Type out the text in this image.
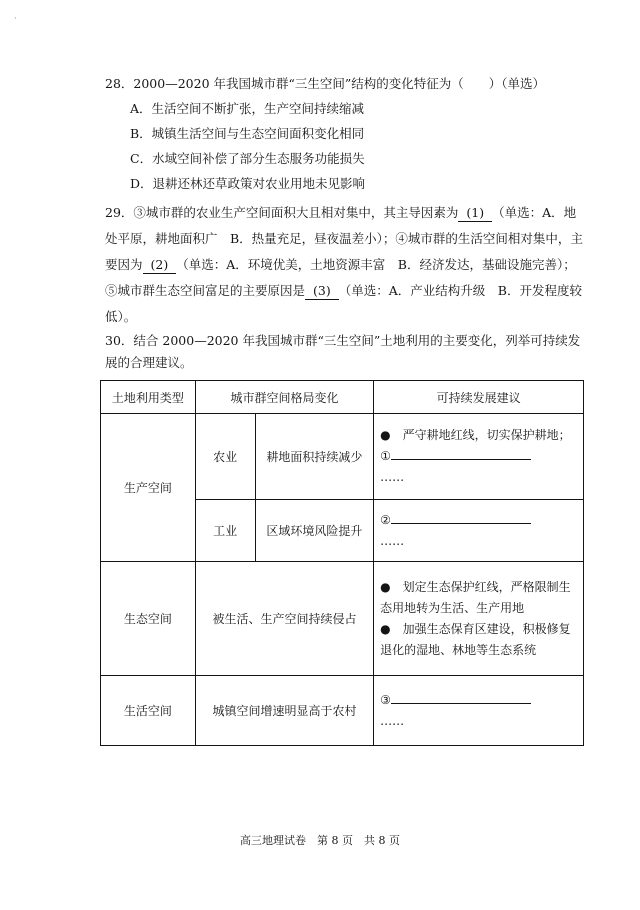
·
28．2000—2020 年我国城市群“三生空间”结构的变化特征为（　　）（单选）
A．生活空间不断扩张，生产空间持续缩减
B．城镇生活空间与生态空间面积变化相同
C．水域空间补偿了部分生态服务功能损失
D．退耕还林还草政策对农业用地未见影响
29．③城市群的农业生产空间面积大且相对集中，其主导因素为 (1) （单选：A．地处平原，耕地面积广　B．热量充足，昼夜温差小）；④城市群的生活空间相对集中，主要因为 (2) （单选：A．环境优美，土地资源丰富　B．经济发达，基础设施完善）；⑤城市群生态空间富足的主要原因是 (3) （单选：A．产业结构升级　B．开发程度较低）。
30．结合 2000—2020 年我国城市群“三生空间”土地利用的主要变化，列举可持续发展的合理建议。
土地利用类型	城市群空间格局变化		可持续发展建议
生产空间	农业	耕地面积持续减少	●　严守耕地红线，切实保护耕地；
①
……

	工业	区域环境风险提升	②
……

生态空间	被生活、生产空间持续侵占		●　划定生态保护红线，严格限制生态用地转为生活、生产用地
●　加强生态保育区建设，积极修复退化的湿地、林地等生态系统

生活空间	城镇空间增速明显高于农村		③
……
高三地理试卷　第 8 页　共 8 页
